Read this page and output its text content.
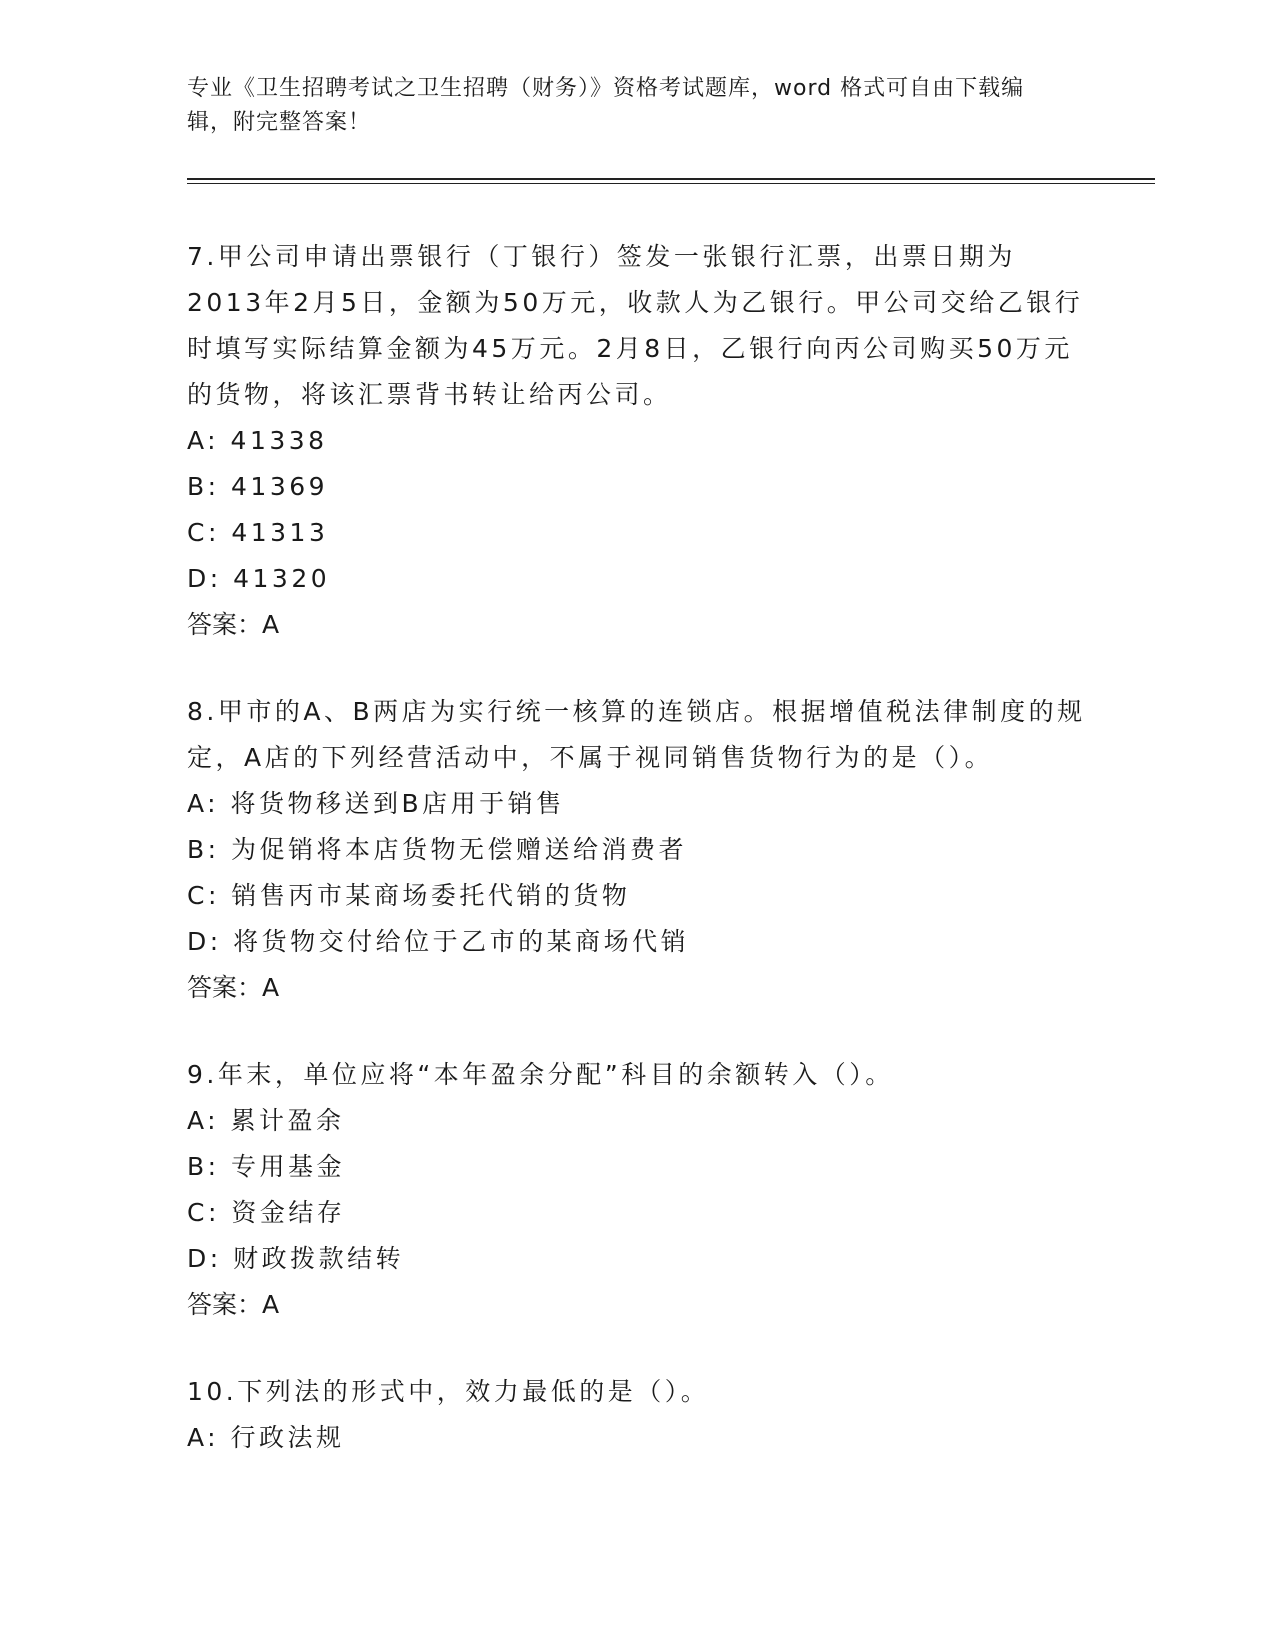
专业《卫生招聘考试之卫生招聘（财务）》资格考试题库，word 格式可自由下载编辑，附完整答案！
7.甲公司申请出票银行（丁银行）签发一张银行汇票，出票日期为2013年2月5日，金额为50万元，收款人为乙银行。甲公司交给乙银行时填写实际结算金额为45万元。2月8日，乙银行向丙公司购买50万元的货物，将该汇票背书转让给丙公司。
A: 41338
B: 41369
C: 41313
D: 41320
答案：A
8.甲市的A、B两店为实行统一核算的连锁店。根据增值税法律制度的规定，A店的下列经营活动中，不属于视同销售货物行为的是（）。
A: 将货物移送到B店用于销售
B: 为促销将本店货物无偿赠送给消费者
C: 销售丙市某商场委托代销的货物
D: 将货物交付给位于乙市的某商场代销
答案：A
9.年末，单位应将“本年盈余分配”科目的余额转入（）。
A: 累计盈余
B: 专用基金
C: 资金结存
D: 财政拨款结转
答案：A
10.下列法的形式中，效力最低的是（）。
A: 行政法规
